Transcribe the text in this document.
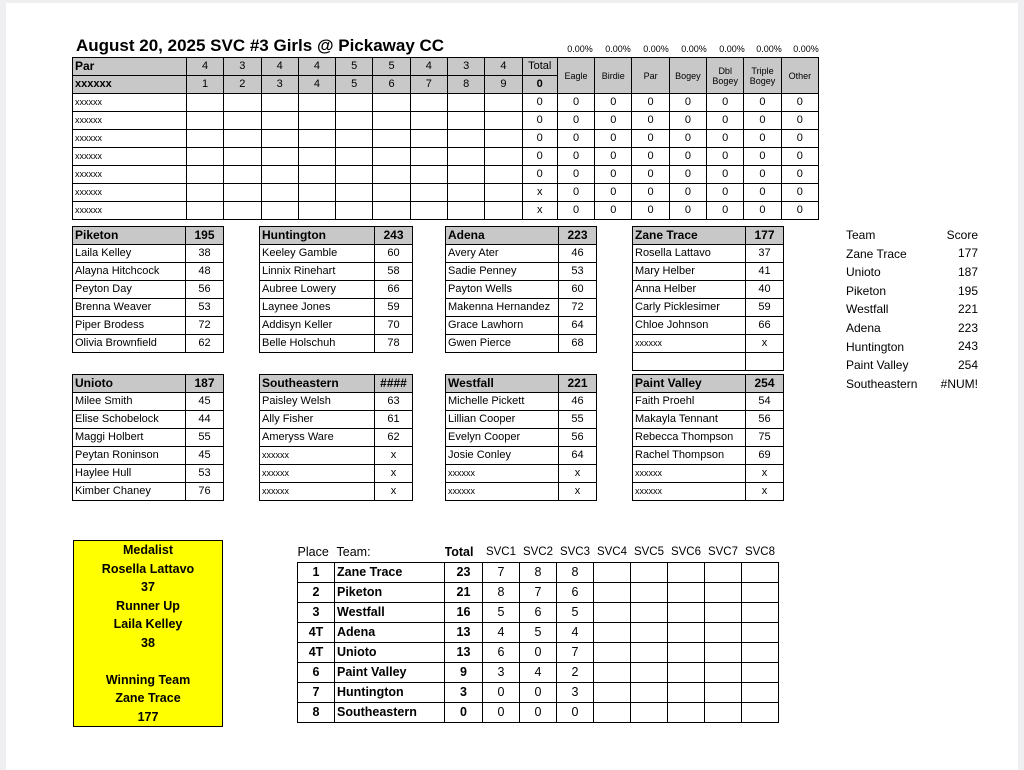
August 20, 2025 SVC #3 Girls @ Pickaway CC
Par	4	3	4	4	5	5	4	3	4	Total	Eagle	Birdie	Par	Bogey	Dbl Bogey	Triple Bogey	Other
xxxxxx	1	2	3	4	5	6	7	8	9	0							
xxxxxx										0	0	0	0	0	0	0	0
xxxxxx										0	0	0	0	0	0	0	0
xxxxxx										0	0	0	0	0	0	0	0
xxxxxx										0	0	0	0	0	0	0	0
xxxxxx										0	0	0	0	0	0	0	0
xxxxxx										x	0	0	0	0	0	0	0
xxxxxx										x	0	0	0	0	0	0	0
Piketon	195
Laila Kelley	38
Alayna Hitchcock	48
Peyton Day	56
Brenna Weaver	53
Piper Brodess	72
Olivia Brownfield	62
Huntington	243
Keeley Gamble	60
Linnix Rinehart	58
Aubree Lowery	66
Laynee Jones	59
Addisyn Keller	70
Belle Holschuh	78
Adena	223
Avery Ater	46
Sadie Penney	53
Payton Wells	60
Makenna Hernandez	72
Grace Lawhorn	64
Gwen Pierce	68
Zane Trace	177
Rosella Lattavo	37
Mary Helber	41
Anna Helber	40
Carly Picklesimer	59
Chloe Johnson	66
xxxxxx	x

Unioto	187
Milee Smith	45
Elise Schobelock	44
Maggi Holbert	55
Peytan Roninson	45
Haylee Hull	53
Kimber Chaney	76
Southeastern	####
Paisley Welsh	63
Ally Fisher	61
Ameryss Ware	62
xxxxxx	x
xxxxxx	x
xxxxxx	x
Westfall	221
Michelle Pickett	46
Lillian Cooper	55
Evelyn Cooper	56
Josie Conley	64
xxxxxx	x
xxxxxx	x
Paint Valley	254
Faith Proehl	54
Makayla Tennant	56
Rebecca Thompson	75
Rachel Thompson	69
xxxxxx	x
xxxxxx	x
Team	Score
Zane Trace	177
Unioto	187
Piketon	195
Westfall	221
Adena	223
Huntington	243
Paint Valley	254
Southeastern	#NUM!
Medalist
Rosella Lattavo
37
Runner Up
Laila Kelley
38
Winning Team
Zane Trace
177
Place	Team:	Total	SVC1	SVC2	SVC3	SVC4	SVC5	SVC6	SVC7	SVC8
1	Zane Trace	23	7	8	8					
2	Piketon	21	8	7	6					
3	Westfall	16	5	6	5					
4T	Adena	13	4	5	4					
4T	Unioto	13	6	0	7					
6	Paint Valley	9	3	4	2					
7	Huntington	3	0	0	3					
8	Southeastern	0	0	0	0					
0.00%	0.00%	0.00%	0.00%	0.00%	0.00%	0.00%
